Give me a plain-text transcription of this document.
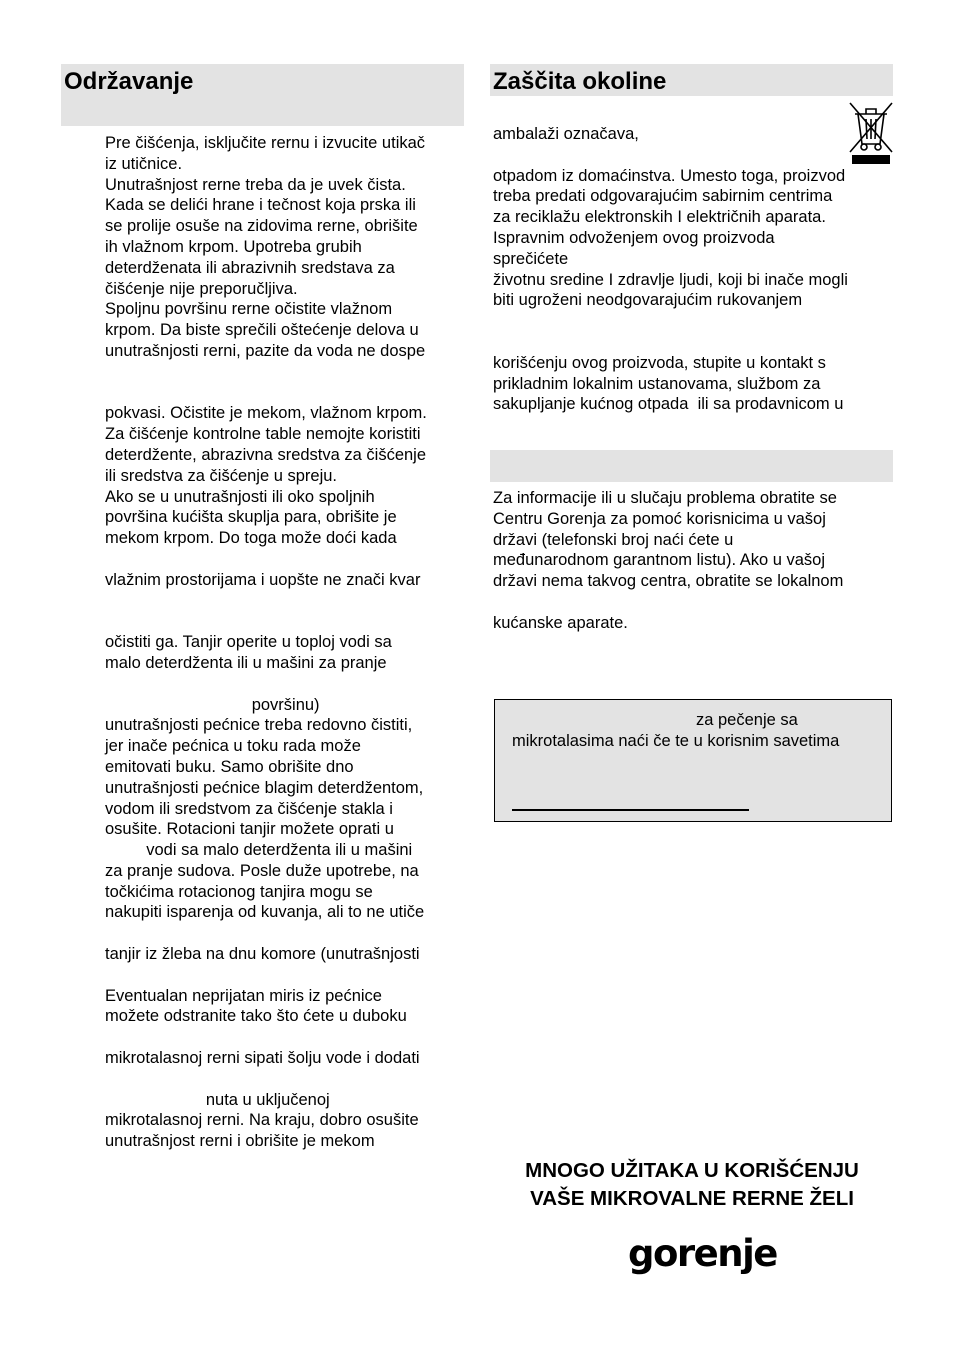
Održavanje
Pre čišćenja, isključite rernu i izvucite utikač
iz utičnice.
Unutrašnjost rerne treba da je uvek čista.
Kada se delići hrane i tečnost koja prska ili
se prolije osuše na zidovima rerne, obrišite
ih vlažnom krpom. Upotreba grubih
deterdženata ili abrazivnih sredstava za
čišćenje nije preporučljiva.
Spoljnu površinu rerne očistite vlažnom
krpom. Da biste sprečili oštećenje delova u
unutrašnjosti rerni, pazite da voda ne dospe
pokvasi. Očistite je mekom, vlažnom krpom.
Za čišćenje kontrolne table nemojte koristiti
deterdžente, abrazivna sredstva za čišćenje
ili sredstva za čišćenje u spreju.
Ako se u unutrašnjosti ili oko spoljnih
površina kućišta skuplja para, obrišite je
mekom krpom. Do toga može doći kada
vlažnim prostorijama i uopšte ne znači kvar
očistiti ga. Tanjir operite u toploj vodi sa
malo deterdženta ili u mašini za pranje
površinu)
unutrašnjosti pećnice treba redovno čistiti,
jer inače pećnica u toku rada može
emitovati buku. Samo obrišite dno
unutrašnjosti pećnice blagim deterdžentom,
vodom ili sredstvom za čišćenje stakla i
osušite. Rotacioni tanjir možete oprati u
vodi sa malo deterdženta ili u mašini
za pranje sudova. Posle duže upotrebe, na
točkićima rotacionog tanjira mogu se
nakupiti isparenja od kuvanja, ali to ne utiče
tanjir iz žleba na dnu komore (unutrašnjosti
Eventualan neprijatan miris iz pećnice
možete odstranite tako što ćete u duboku
mikrotalasnoj rerni sipati šolju vode i dodati
nuta u uključenoj
mikrotalasnoj rerni. Na kraju, dobro osušite
unutrašnjost rerni i obrišite je mekom
Zaščita okoline
ambalaži označava,
otpadom iz domaćinstva. Umesto toga, proizvod
treba predati odgovarajućim sabirnim centrima
za reciklažu elektronskih I električnih aparata.
Ispravnim odvoženjem ovog proizvoda
sprečićete
životnu sredine I zdravlje ljudi, koji bi inače mogli
biti ugroženi neodgovarajućim rukovanjem
korišćenju ovog proizvoda, stupite u kontakt s
prikladnim lokalnim ustanovama, službom za
sakupljanje kućnog otpada  ili sa prodavnicom u
Za informacije ili u slučaju problema obratite se
Centru Gorenja za pomoć korisnicima u vašoj
državi (telefonski broj naći ćete u
međunarodnom garantnom listu). Ako u vašoj
državi nema takvog centra, obratite se lokalnom
kućanske aparate.
za pečenje sa
mikrotalasima naći če te u korisnim savetima
MNOGO UŽITAKA U KORIŠĆENJU
VAŠE MIKROVALNE RERNE ŽELI
gorenje
